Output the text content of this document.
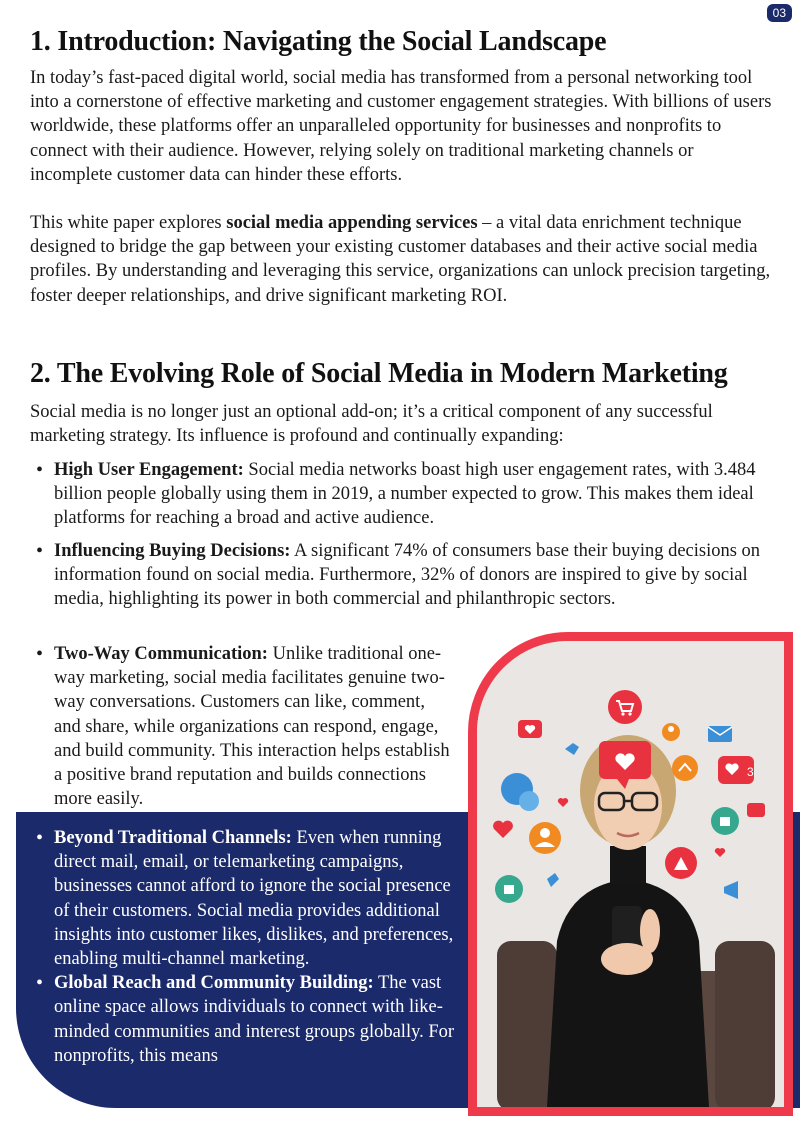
03
1. Introduction: Navigating the Social Landscape

In today’s fast-paced digital world, social media has transformed from a personal networking tool into a cornerstone of effective marketing and customer engagement strategies. With billions of users worldwide, these platforms offer an unparalleled opportunity for businesses and nonprofits to connect with their audience. However, relying solely on traditional marketing channels or incomplete customer data can hinder these efforts.

This white paper explores social media appending services – a vital data enrichment technique designed to bridge the gap between your existing customer databases and their active social media profiles. By understanding and leveraging this service, organizations can unlock precision targeting, foster deeper relationships, and drive significant marketing ROI.

2. The Evolving Role of Social Media in Modern Marketing

Social media is no longer just an optional add-on; it’s a critical component of any successful marketing strategy. Its influence is profound and continually expanding:

• High User Engagement: Social media networks boast high user engagement rates, with 3.484 billion people globally using them in 2019, a number expected to grow. This makes them ideal platforms for reaching a broad and active audience.
• Influencing Buying Decisions: A significant 74% of consumers base their buying decisions on information found on social media. Furthermore, 32% of donors are inspired to give by social media, highlighting its power in both commercial and philanthropic sectors.
• Two-Way Communication: Unlike traditional one-way marketing, social media facilitates genuine two-way conversations. Customers can like, comment, and share, while organizations can respond, engage, and build community. This interaction helps establish a positive brand reputation and builds connections more easily.
• Beyond Traditional Channels: Even when running direct mail, email, or telemarketing campaigns, businesses cannot afford to ignore the social presence of their customers. Social media provides additional insights into customer likes, dislikes, and preferences, enabling multi-channel marketing.
• Global Reach and Community Building: The vast online space allows individuals to connect with like-minded communities and interest groups globally. For nonprofits, this means
3
